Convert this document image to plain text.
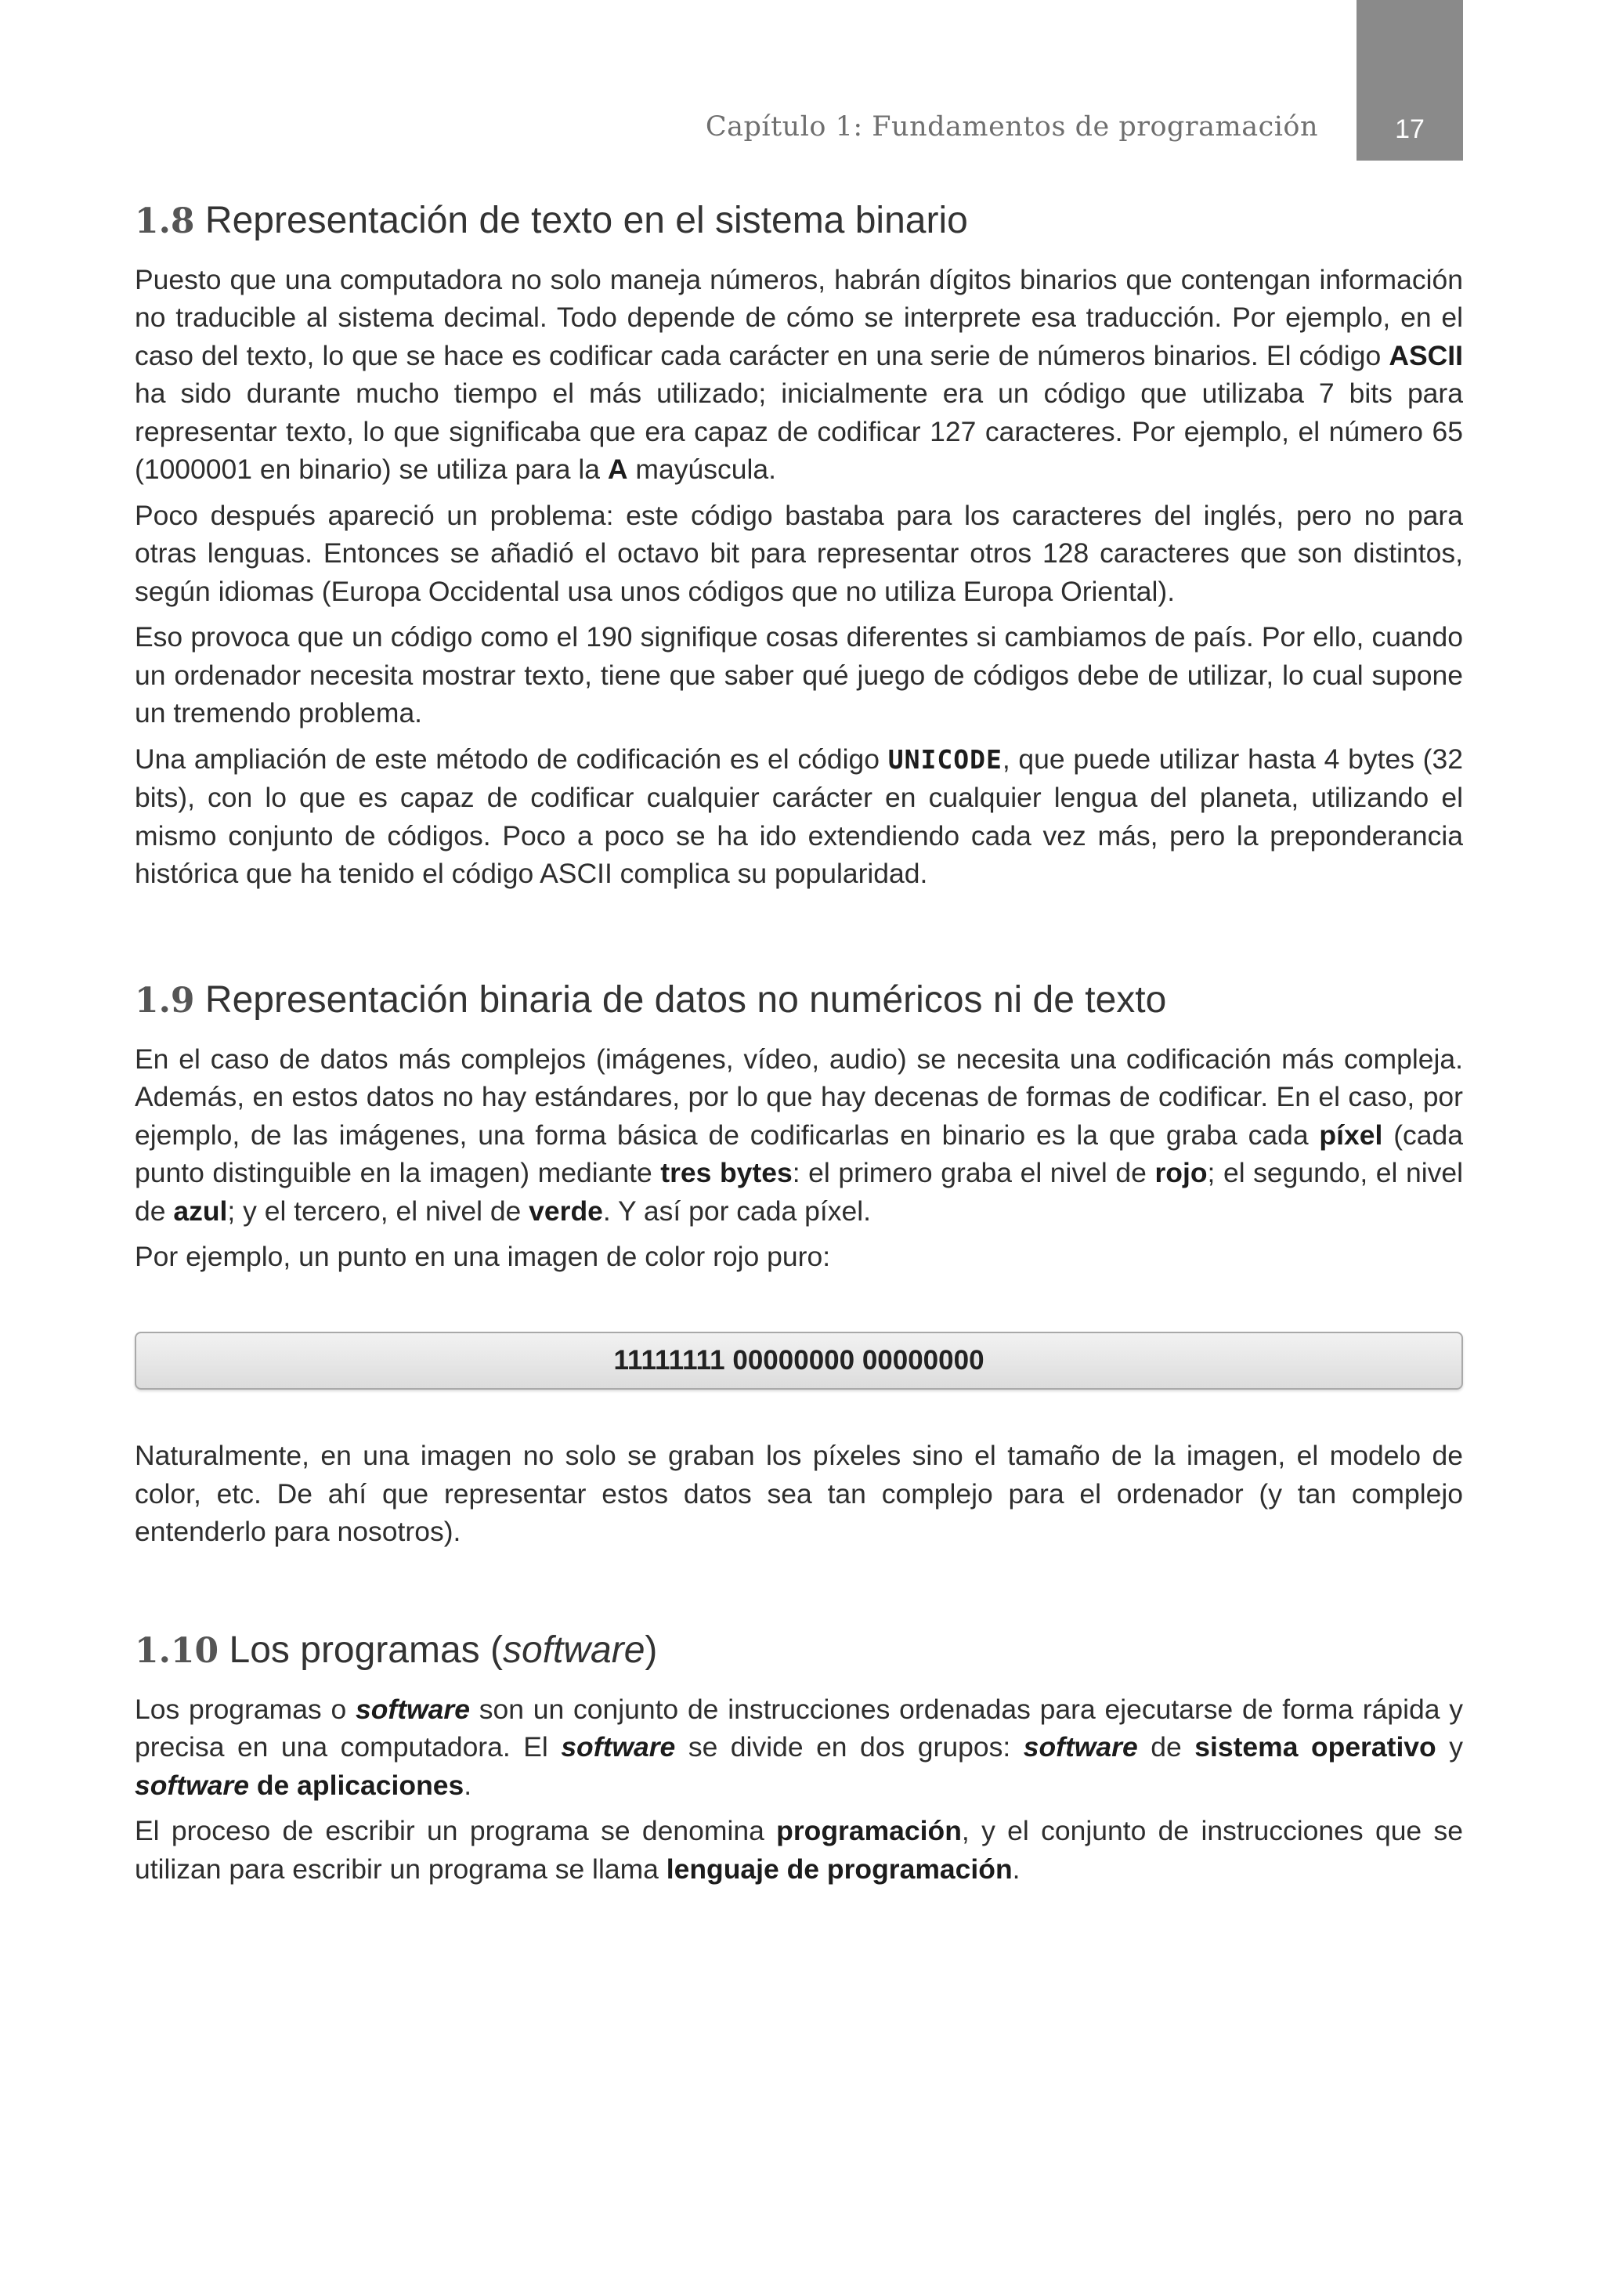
Capítulo 1: Fundamentos de programación	17
1.8 Representación de texto en el sistema binario

Puesto que una computadora no solo maneja números, habrán dígitos binarios que contengan información no traducible al sistema decimal. Todo depende de cómo se interprete esa traducción. Por ejemplo, en el caso del texto, lo que se hace es codificar cada carácter en una serie de números binarios. El código ASCII ha sido durante mucho tiempo el más utilizado; inicialmente era un código que utilizaba 7 bits para representar texto, lo que significaba que era capaz de codificar 127 caracteres. Por ejemplo, el número 65 (1000001 en binario) se utiliza para la A mayúscula.

Poco después apareció un problema: este código bastaba para los caracteres del inglés, pero no para otras lenguas. Entonces se añadió el octavo bit para representar otros 128 caracteres que son distintos, según idiomas (Europa Occidental usa unos códigos que no utiliza Europa Oriental).

Eso provoca que un código como el 190 signifique cosas diferentes si cambiamos de país. Por ello, cuando un ordenador necesita mostrar texto, tiene que saber qué juego de códigos debe de utilizar, lo cual supone un tremendo problema.

Una ampliación de este método de codificación es el código UNICODE, que puede utilizar hasta 4 bytes (32 bits), con lo que es capaz de codificar cualquier carácter en cualquier lengua del planeta, utilizando el mismo conjunto de códigos. Poco a poco se ha ido extendiendo cada vez más, pero la preponderancia histórica que ha tenido el código ASCII complica su popularidad.

1.9 Representación binaria de datos no numéricos ni de texto

En el caso de datos más complejos (imágenes, vídeo, audio) se necesita una codificación más compleja. Además, en estos datos no hay estándares, por lo que hay decenas de formas de codificar. En el caso, por ejemplo, de las imágenes, una forma básica de codificarlas en binario es la que graba cada píxel (cada punto distinguible en la imagen) mediante tres bytes: el primero graba el nivel de rojo; el segundo, el nivel de azul; y el tercero, el nivel de verde. Y así por cada píxel.

Por ejemplo, un punto en una imagen de color rojo puro:

11111111 00000000 00000000

Naturalmente, en una imagen no solo se graban los píxeles sino el tamaño de la imagen, el modelo de color, etc. De ahí que representar estos datos sea tan complejo para el ordenador (y tan complejo entenderlo para nosotros).

1.10 Los programas (software)

Los programas o software son un conjunto de instrucciones ordenadas para ejecutarse de forma rápida y precisa en una computadora. El software se divide en dos grupos: software de sistema operativo y software de aplicaciones.

El proceso de escribir un programa se denomina programación, y el conjunto de instrucciones que se utilizan para escribir un programa se llama lenguaje de programación.
